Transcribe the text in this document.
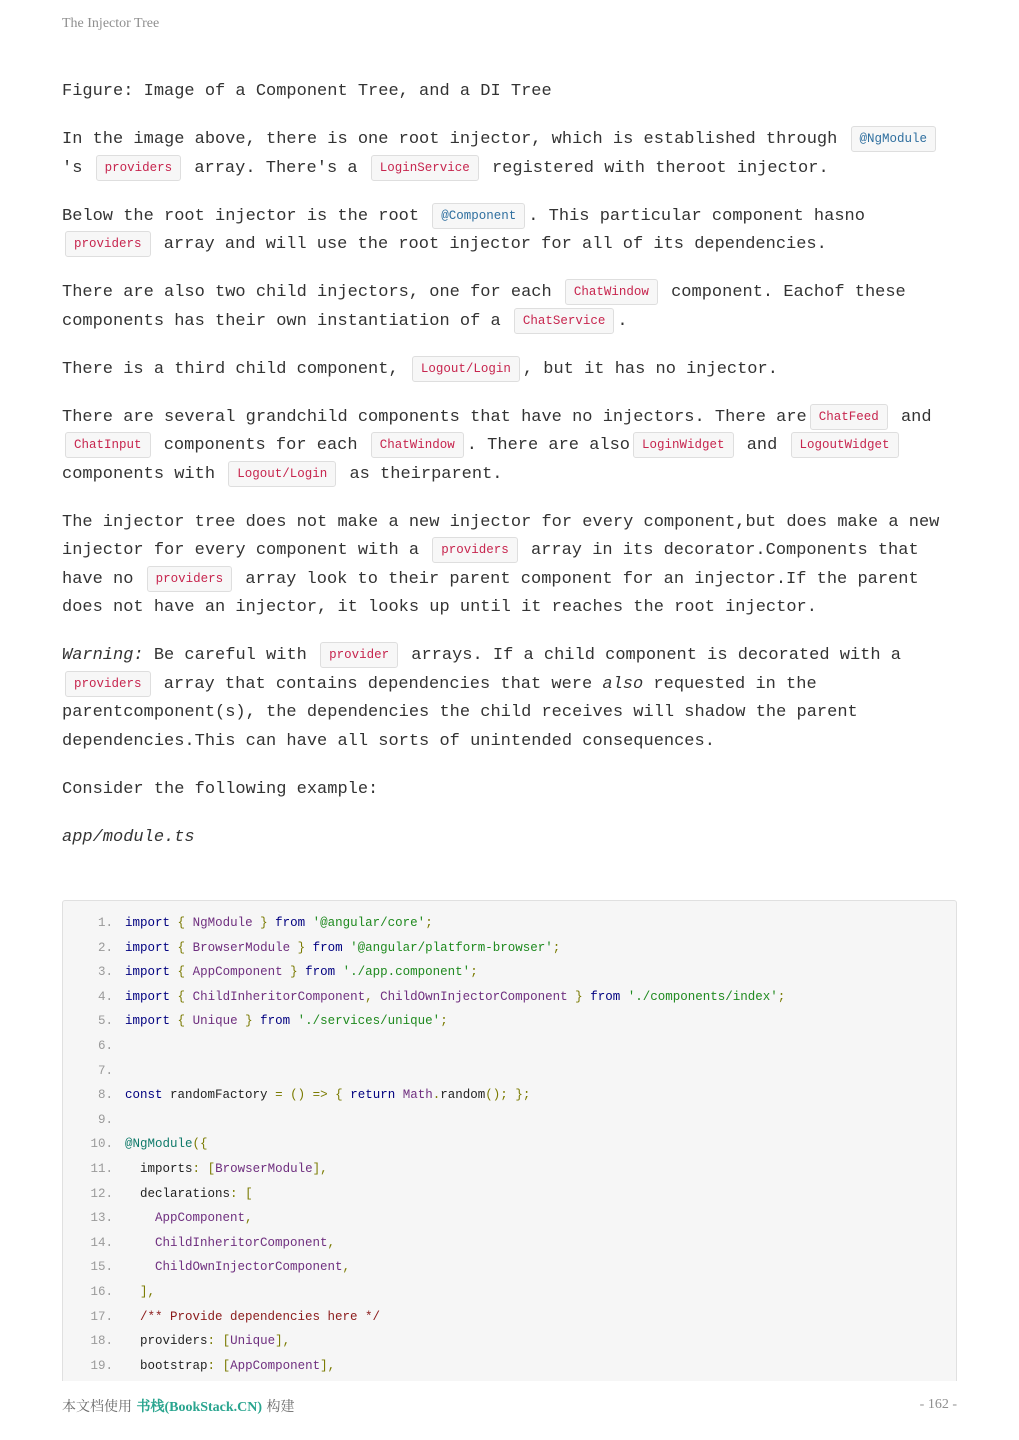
The Injector Tree

Figure: Image of a Component Tree, and a DI Tree

In the image above, there is one root injector, which is established through @NgModule's providers array. There's a LoginService registered with theroot injector.

Below the root injector is the root @Component . This particular component hasno providers array and will use the root injector for all of its dependencies.

There are also two child injectors, one for each ChatWindow component. Eachof these components has their own instantiation of a ChatService .

There is a third child component, Logout/Login , but it has no injector.

There are several grandchild components that have no injectors. There are ChatFeed and ChatInput components for each ChatWindow . There are also LoginWidget and LogoutWidget components with Logout/Login as theirparent.

The injector tree does not make a new injector for every component,but does make a new injector for every component with a providers array in its decorator.Components that have no providers array look to their parent component for an injector.If the parent does not have an injector, it looks up until it reaches the root injector.

Warning: Be careful with provider arrays. If a child component is decorated with aproviders array that contains dependencies that were also requested in the parentcomponent(s), the dependencies the child receives will shadow the parent dependencies.This can have all sorts of unintended consequences.

Consider the following example:

app/module.ts

1. import { NgModule } from '@angular/core';
2. import { BrowserModule } from '@angular/platform-browser';
3. import { AppComponent } from './app.component';
4. import { ChildInheritorComponent, ChildOwnInjectorComponent } from './components/index';
5. import { Unique } from './services/unique';
6.
7.
8. const randomFactory = () => { return Math.random(); };
9.
10. @NgModule({
11. imports: [BrowserModule],
12. declarations: [
13.	AppComponent,
14.	ChildInheritorComponent,
15.	ChildOwnInjectorComponent,
16. ],
17. /** Provide dependencies here */
18. providers: [Unique],
19. bootstrap: [AppComponent],
本文档使用 书栈(BookStack.CN) 构建	- 162 -
